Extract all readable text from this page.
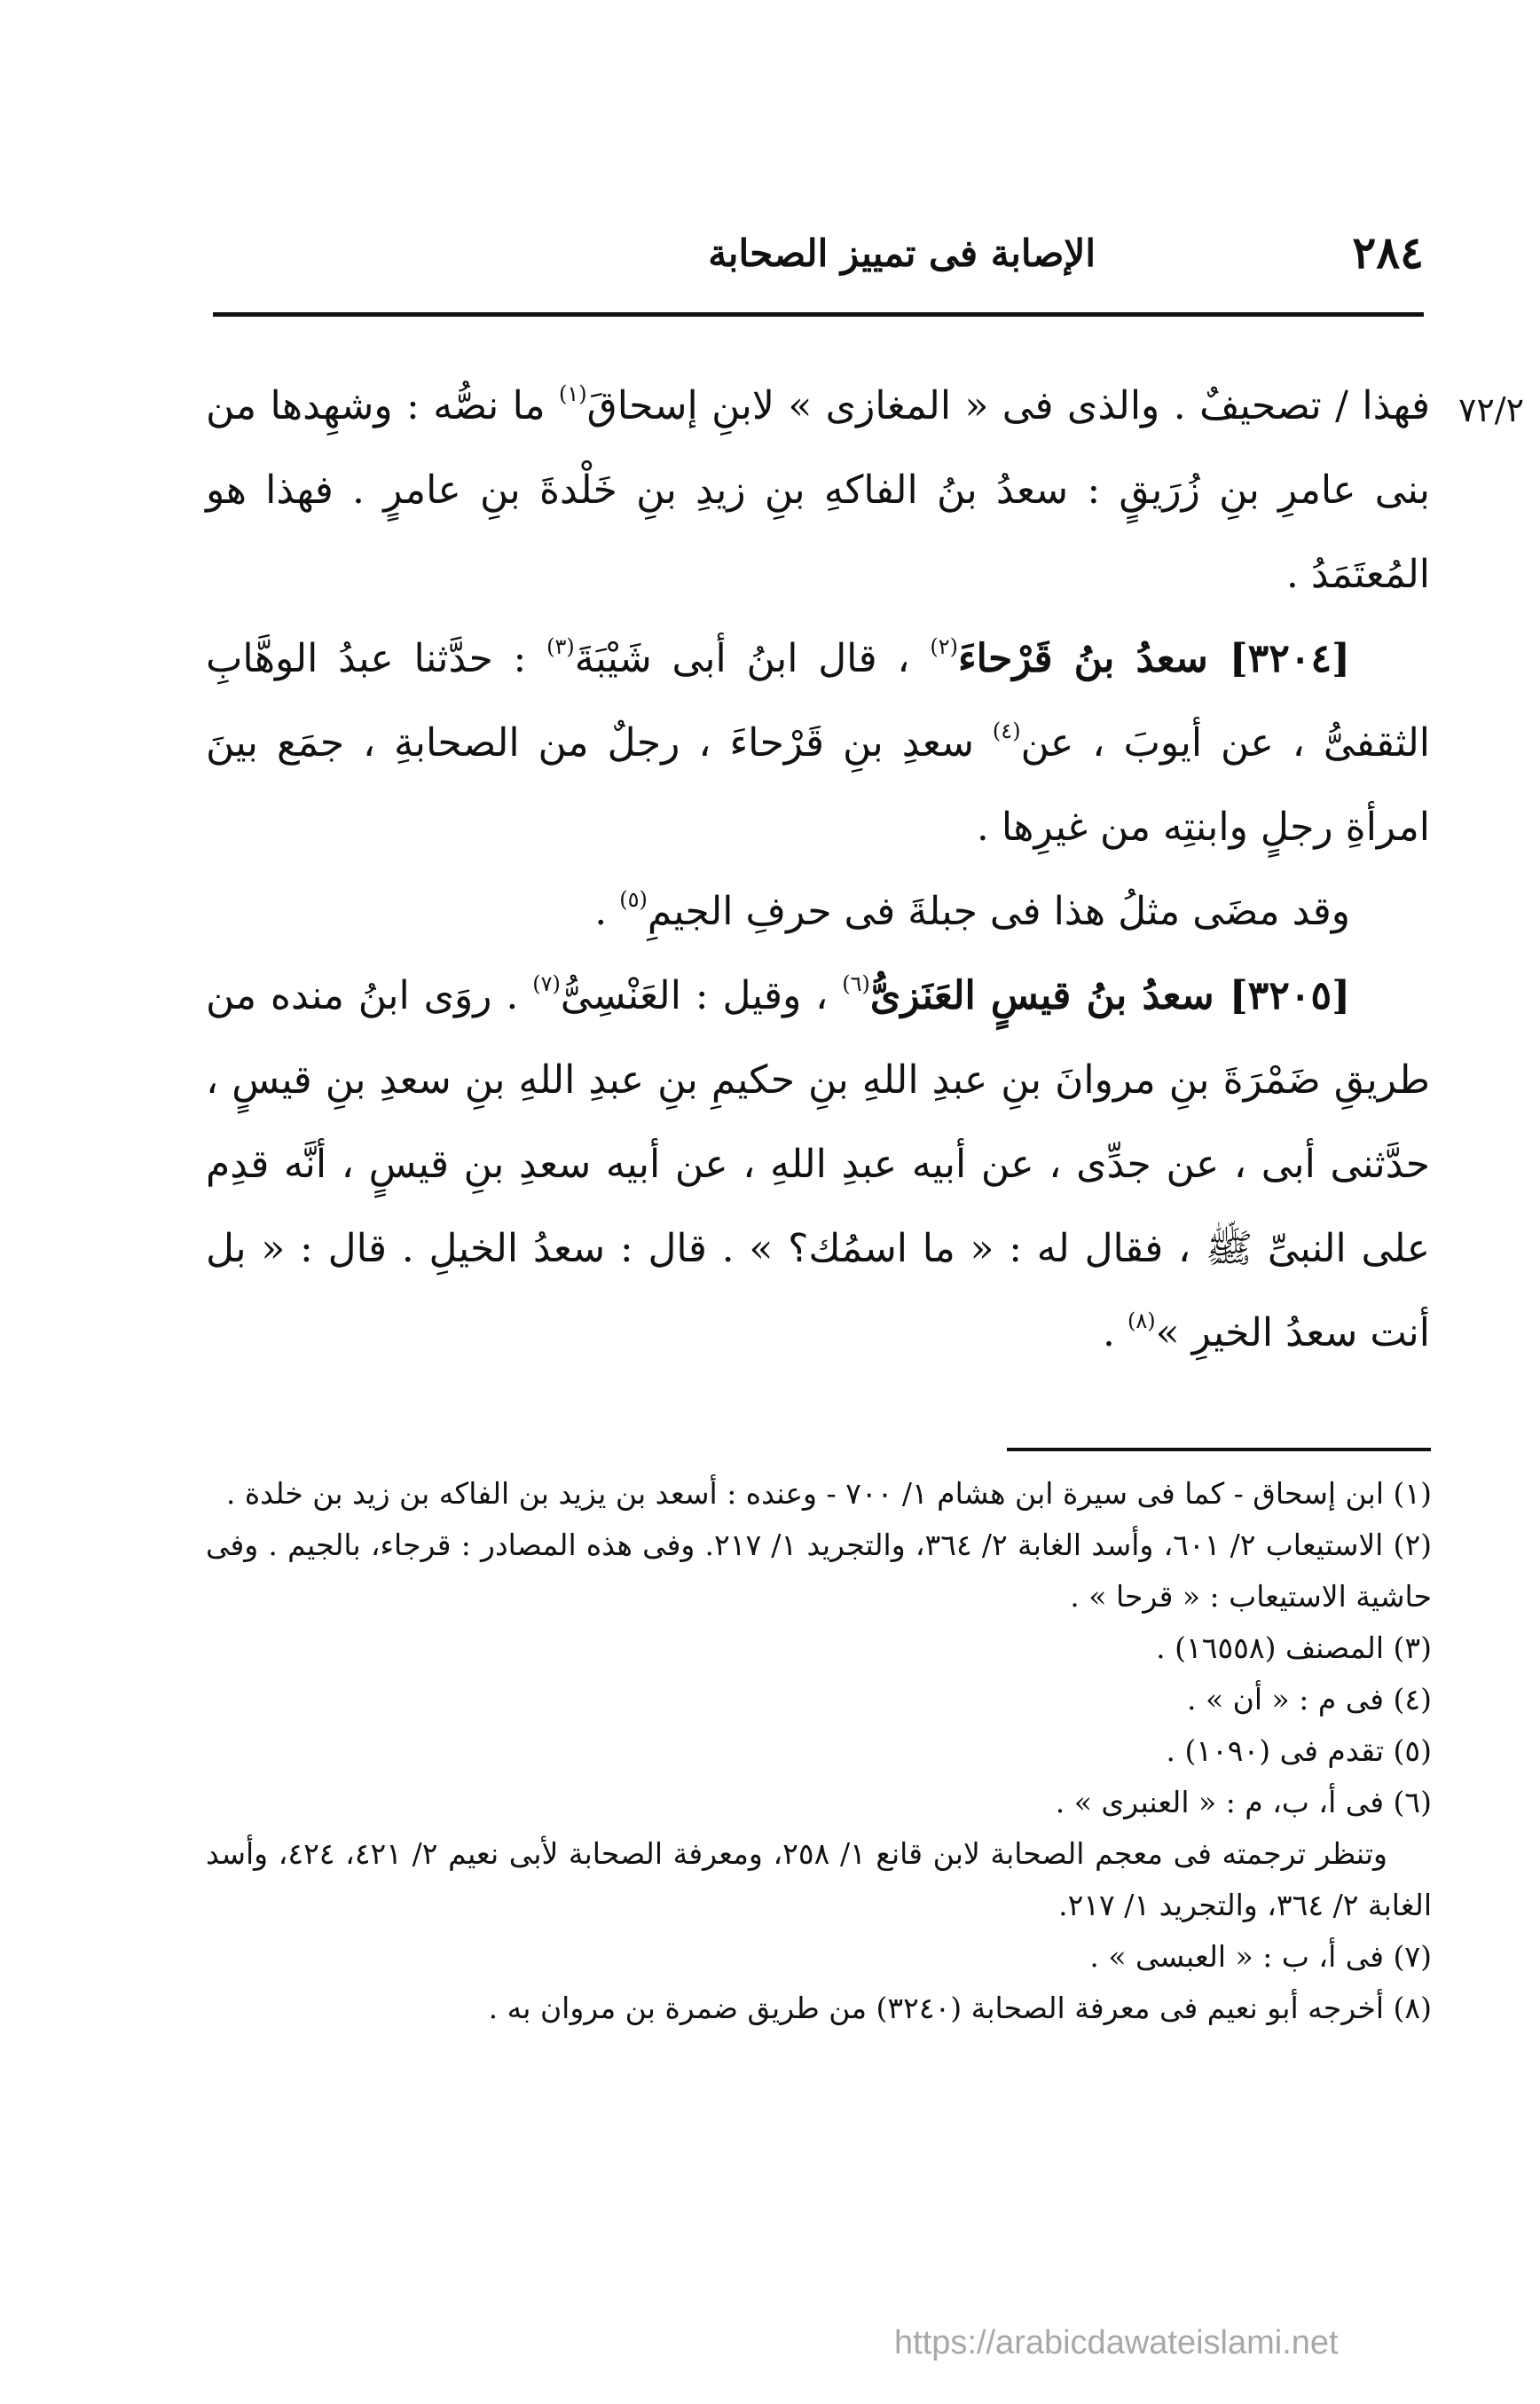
٢٨٤
الإصابة فى تمييز الصحابة
٧٢/٢

فهذا / تصحيفٌ . والذى فى « المغازى » لابنِ إسحاقَ$^{(١)}$ ما نصُّه : وشهِدها من بنى عامرِ بنِ زُرَيقٍ : سعدُ بنُ الفاكهِ بنِ زيدِ بنِ خَلْدةَ بنِ عامرٍ . فهذا هو المُعتَمَدُ .

[٣٢٠٤] سعدُ بنُ قَرْحاءَ$^{(٢)}$ ، قال ابنُ أبى شَيْبَةَ$^{(٣)}$ : حدَّثنا عبدُ الوهَّابِ الثقفىُّ ، عن أيوبَ ، عن$^{(٤)}$ سعدِ بنِ قَرْحاءَ ، رجلٌ من الصحابةِ ، جمَع بينَ امرأةِ رجلٍ وابنتِه من غيرِها .

وقد مضَى مثلُ هذا فى جبلةَ فى حرفِ الجيمِ$^{(٥)}$ .

[٣٢٠٥] سعدُ بنُ قيسٍ العَنَزىُّ$^{(٦)}$ ، وقيل : العَنْسِىُّ$^{(٧)}$ . روَى ابنُ منده من طريقِ ضَمْرَةَ بنِ مروانَ بنِ عبدِ اللهِ بنِ حكيمِ بنِ عبدِ اللهِ بنِ سعدِ بنِ قيسٍ ، حدَّثنى أبى ، عن جدِّى ، عن أبيه عبدِ اللهِ ، عن أبيه سعدِ بنِ قيسٍ ، أنَّه قدِم على النبىِّ ﷺ ، فقال له : « ما اسمُك؟ » . قال : سعدُ الخيلِ . قال : « بل أنت سعدُ الخيرِ »$^{(٨)}$ .

(١) ابن إسحاق - كما فى سيرة ابن هشام ١/ ٧٠٠ - وعنده : أسعد بن يزيد بن الفاكه بن زيد بن خلدة .

(٢) الاستيعاب ٢/ ٦٠١، وأسد الغابة ٢/ ٣٦٤، والتجريد ١/ ٢١٧. وفى هذه المصادر : قرجاء، بالجيم . وفى حاشية الاستيعاب : « قرحا » .

(٣) المصنف (١٦٥٥٨) .

(٤) فى م : « أن » .

(٥) تقدم فى (١٠٩٠) .

(٦) فى أ، ب، م : « العنبرى » .

وتنظر ترجمته فى معجم الصحابة لابن قانع ١/ ٢٥٨، ومعرفة الصحابة لأبى نعيم ٢/ ٤٢١، ٤٢٤، وأسد الغابة ٢/ ٣٦٤، والتجريد ١/ ٢١٧.

(٧) فى أ، ب : « العبسى » .

(٨) أخرجه أبو نعيم فى معرفة الصحابة (٣٢٤٠) من طريق ضمرة بن مروان به .

https://arabicdawateislami.net
